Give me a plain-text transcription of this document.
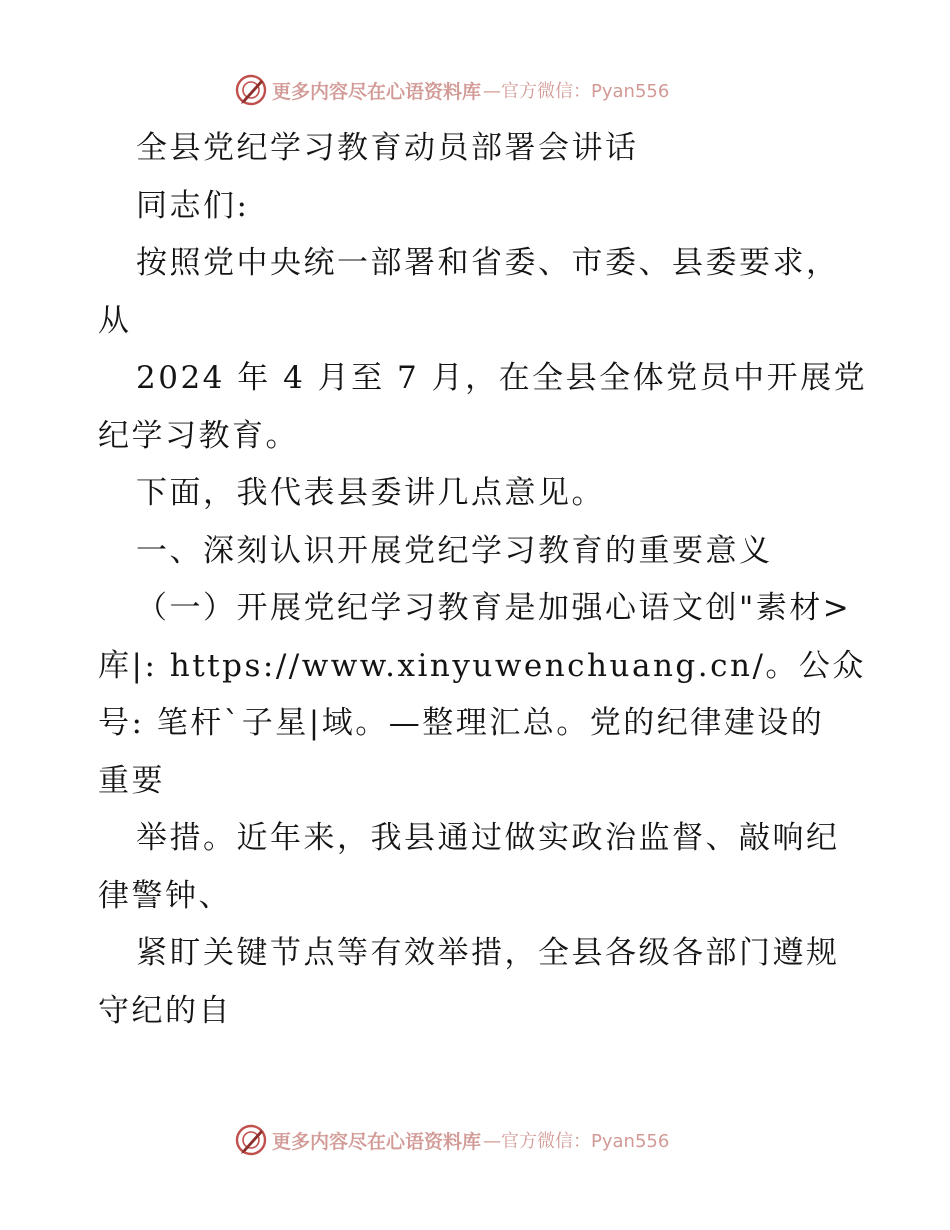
更多内容尽在心语资料库 —官方微信：Pyan556
全县党纪学习教育动员部署会讲话
同志们:
按照党中央统一部署和省委、市委、县委要求，
从
2024 年 4 月至 7 月，在全县全体党员中开展党
纪学习教育。
下面，我代表县委讲几点意见。
一、深刻认识开展党纪学习教育的重要意义
（一）开展党纪学习教育是加强心语文创"素材>
库|: https://www.xinyuwenchuang.cn/。公众
号: 笔杆`子星|域。—整理汇总。党的纪律建设的
重要
举措。近年来，我县通过做实政治监督、敲响纪
律警钟、
紧盯关键节点等有效举措，全县各级各部门遵规
守纪的自
更多内容尽在心语资料库 —官方微信：Pyan556
